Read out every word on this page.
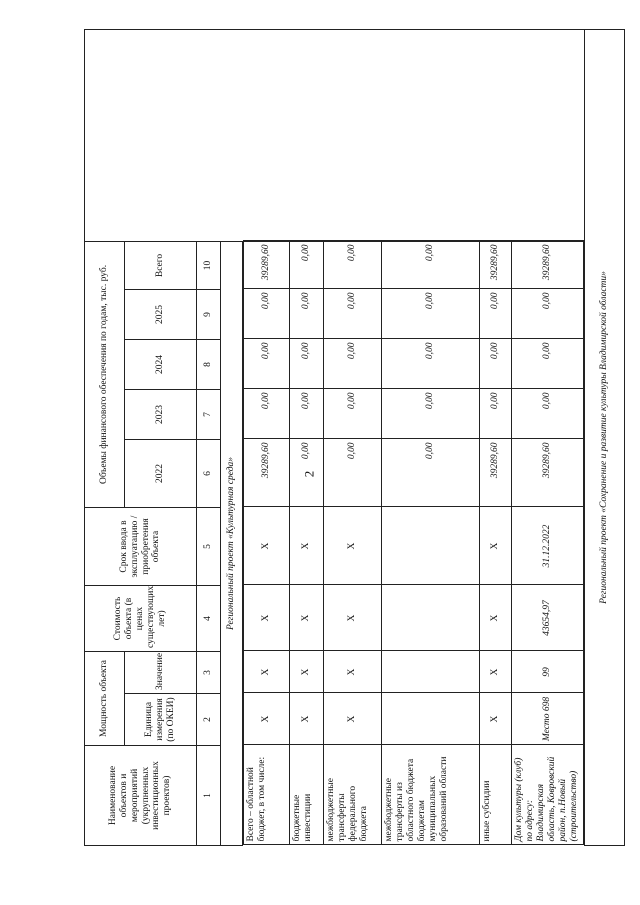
2
Наименование объектов и мероприятий (укрупненных инвестиционных проектов)	Мощность объекта	Стоимость объекта (в ценах существующих лет)	Срок ввода в эксплуатацию / приобретения объекта	Объемы финансового обеспечения по годам, тыс. руб.	
Единица измерения (по ОКЕИ)	Значение	2022	2023	2024	2025	Всего
1	2	3	4	5	6	7	8	9	10
Региональный проект «Культурная среда»

Всего – областной бюджет, в том числе:	Х	Х	Х	Х	39289,60	0,00	0,00	0,00	39289,60
бюджетные инвестиции	Х	Х	Х	Х	0,00	0,00	0,00	0,00	0,00
межбюджетные трансферты федерального бюджета	Х	Х	Х	Х	0,00	0,00	0,00	0,00	0,00
межбюджетные трансферты из областного бюджета бюджетам муниципальных образований области					0,00	0,00	0,00	0,00	0,00
иные субсидии	Х	Х	Х	Х	39289,60	0,00	0,00	0,00	39289,60
Дом культуры (клуб) по адресу: Владимирская область, Ковровский район, п.Новый (строительство)	Место 698	99	43654,97	31.12.2022	39289,60	0,00	0,00	0,00	39289,60

Региональный проект «Сохранение и развитие культуры Владимирской области»
